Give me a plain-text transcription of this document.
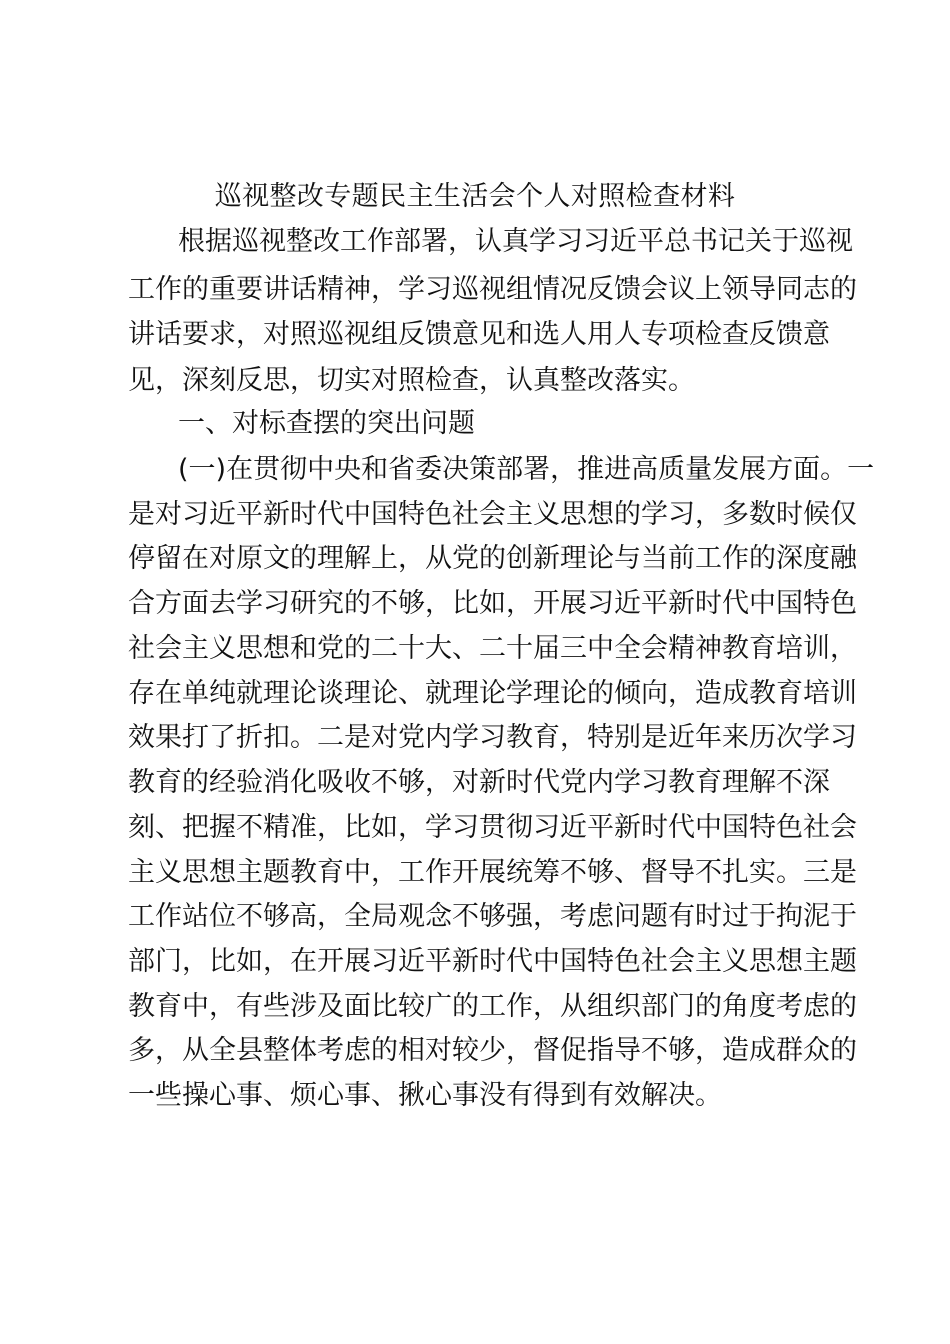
巡视整改专题民主生活会个人对照检查材料

根据巡视整改工作部署，认真学习习近平总书记关于巡视

工作的重要讲话精神，学习巡视组情况反馈会议上领导同志的

讲话要求，对照巡视组反馈意见和选人用人专项检查反馈意

见，深刻反思，切实对照检查，认真整改落实。

一、对标查摆的突出问题

(一)在贯彻中央和省委决策部署，推进高质量发展方面。一

是对习近平新时代中国特色社会主义思想的学习，多数时候仅

停留在对原文的理解上，从党的创新理论与当前工作的深度融

合方面去学习研究的不够，比如，开展习近平新时代中国特色

社会主义思想和党的二十大、二十届三中全会精神教育培训，

存在单纯就理论谈理论、就理论学理论的倾向，造成教育培训

效果打了折扣。二是对党内学习教育，特别是近年来历次学习

教育的经验消化吸收不够，对新时代党内学习教育理解不深

刻、把握不精准，比如，学习贯彻习近平新时代中国特色社会

主义思想主题教育中，工作开展统筹不够、督导不扎实。三是

工作站位不够高，全局观念不够强，考虑问题有时过于拘泥于

部门，比如，在开展习近平新时代中国特色社会主义思想主题

教育中，有些涉及面比较广的工作，从组织部门的角度考虑的

多，从全县整体考虑的相对较少，督促指导不够，造成群众的

一些操心事、烦心事、揪心事没有得到有效解决。
